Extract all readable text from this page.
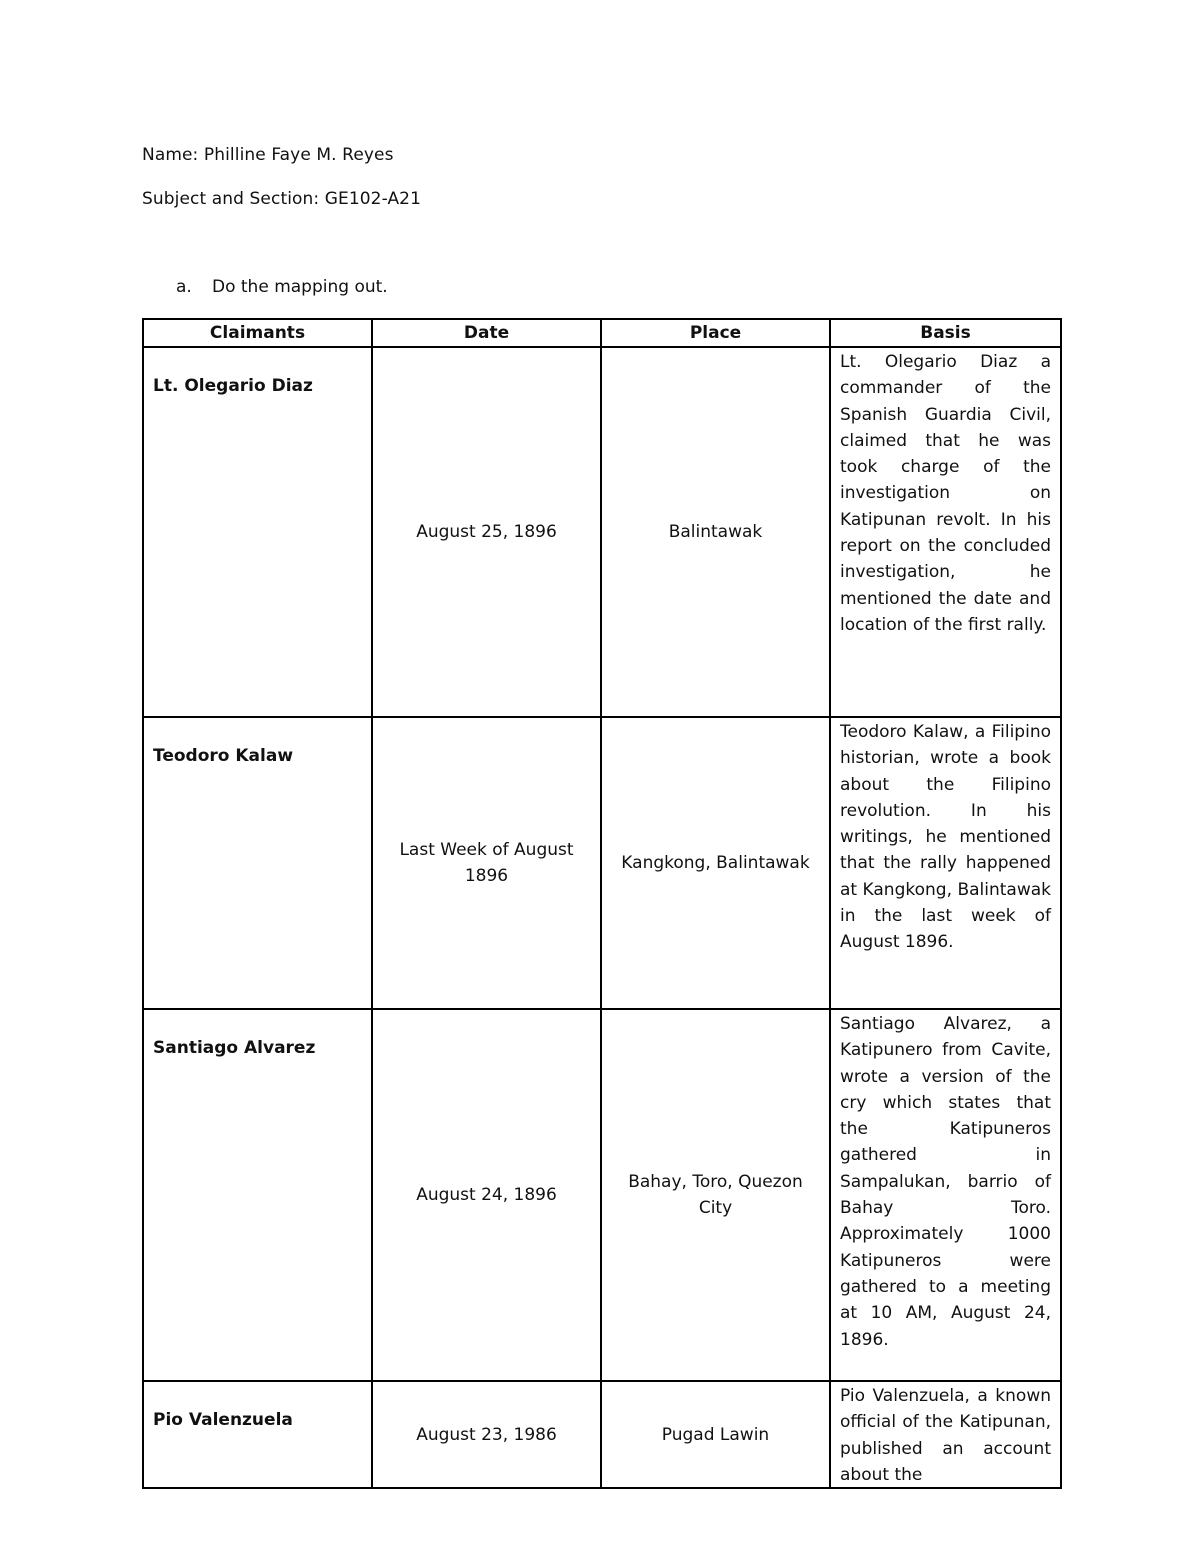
Name: Philline Faye M. Reyes
Subject and Section: GE102-A21
a. Do the mapping out.
Claimants	Date	Place	Basis
Lt. Olegario Diaz	August 25, 1896	Balintawak	Lt. Olegario Diaz a commander of the Spanish Guardia Civil, claimed that he was took charge of the investigation on Katipunan revolt. In his report on the concluded investigation, he mentioned the date and location of the first rally.
Teodoro Kalaw	Last Week of August 1896	Kangkong, Balintawak	Teodoro Kalaw, a Filipino historian, wrote a book about the Filipino revolution. In his writings, he mentioned that the rally happened at Kangkong, Balintawak in the last week of August 1896.
Santiago Alvarez	August 24, 1896	Bahay, Toro, Quezon City	Santiago Alvarez, a Katipunero from Cavite, wrote a version of the cry which states that the Katipuneros gathered in Sampalukan, barrio of Bahay Toro. Approximately 1000 Katipuneros were gathered to a meeting at 10 AM, August 24, 1896.
Pio Valenzuela	August 23, 1986	Pugad Lawin	Pio Valenzuela, a known official of the Katipunan, published an account about the
